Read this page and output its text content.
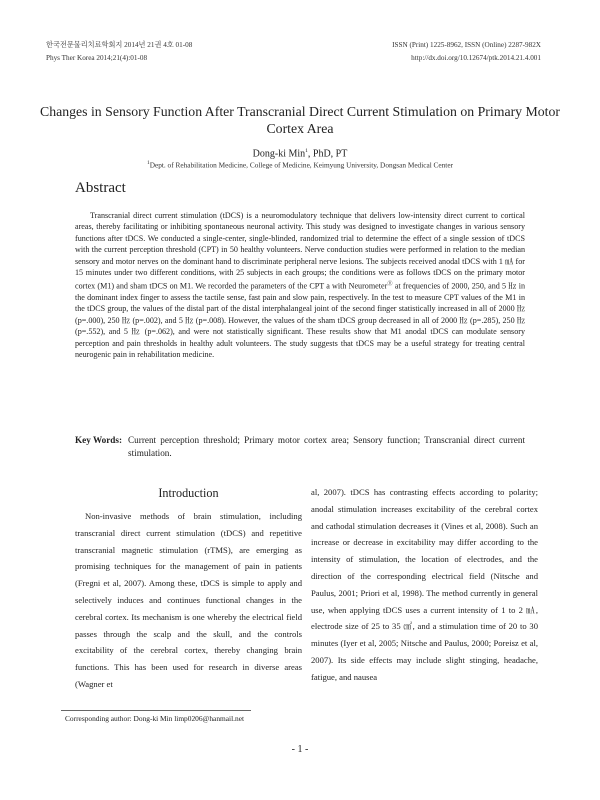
한국전문물리치료학회지 2014년 21권 4호 01-08
Phys Ther Korea 2014;21(4):01-08
ISSN (Print) 1225-8962, ISSN (Online) 2287-982X
http://dx.doi.org/10.12674/ptk.2014.21.4.001
Changes in Sensory Function After Transcranial Direct Current Stimulation on Primary Motor Cortex Area
Dong-ki Min$^1$, PhD, PT
$^1$Dept. of Rehabilitation Medicine, College of Medicine, Keimyung University, Dongsan Medical Center
Abstract

Transcranial direct current stimulation (tDCS) is a neuromodulatory technique that delivers low-intensity direct current to cortical areas, thereby facilitating or inhibiting spontaneous neuronal activity. This study was designed to investigate changes in various sensory functions after tDCS. We conducted a single-center, single-blinded, randomized trial to determine the effect of a single session of tDCS with the current perception threshold (CPT) in 50 healthy volunteers. Nerve conduction studies were performed in relation to the median sensory and motor nerves on the dominant hand to discriminate peripheral nerve lesions. The subjects received anodal tDCS with 1 ㎃ for 15 minutes under two different conditions, with 25 subjects in each groups; the conditions were as follows tDCS on the primary motor cortex (M1) and sham tDCS on M1. We recorded the parameters of the CPT a with NeurometerⓇ at frequencies of 2000, 250, and 5 ㎐ in the dominant index finger to assess the tactile sense, fast pain and slow pain, respectively. In the test to measure CPT values of the M1 in the tDCS group, the values of the distal part of the distal interphalangeal joint of the second finger statistically increased in all of 2000 ㎐ (p=.000), 250 ㎐ (p=.002), and 5 ㎐ (p=.008). However, the values of the sham tDCS group decreased in all of 2000 ㎐ (p=.285), 250 ㎐ (p=.552), and 5 ㎐ (p=.062), and were not statistically significant. These results show that M1 anodal tDCS can modulate sensory perception and pain thresholds in healthy adult volunteers. The study suggests that tDCS may be a useful strategy for treating central neurogenic pain in rehabilitation medicine.

Key Words: Current perception threshold; Primary motor cortex area; Sensory function; Transcranial direct current stimulation.
Introduction

Non-invasive methods of brain stimulation, including transcranial direct current stimulation (tDCS) and repetitive transcranial magnetic stimulation (rTMS), are emerging as promising techniques for the management of pain in patients (Fregni et al, 2007). Among these, tDCS is simple to apply and selectively induces and continues functional changes in the cerebral cortex. Its mechanism is one whereby the electrical field passes through the scalp and the skull, and the controls excitability of the cerebral cortex, thereby changing brain functions. This has been used for research in diverse areas (Wagner et

al, 2007). tDCS has contrasting effects according to polarity; anodal stimulation increases excitability of the cerebral cortex and cathodal stimulation decreases it (Vines et al, 2008). Such an increase or decrease in excitability may differ according to the intensity of stimulation, the location of electrodes, and the direction of the corresponding electrical field (Nitsche and Paulus, 2001; Priori et al, 1998). The method currently in general use, when applying tDCS uses a current intensity of 1 to 2 ㎃, electrode size of 25 to 35 ㎠, and a stimulation time of 20 to 30 minutes (Iyer et al, 2005; Nitsche and Paulus, 2000; Poreisz et al, 2007). Its side effects may include slight stinging, headache, fatigue, and nausea

Corresponding author: Dong-ki Min limp0206@hanmail.net
- 1 -
